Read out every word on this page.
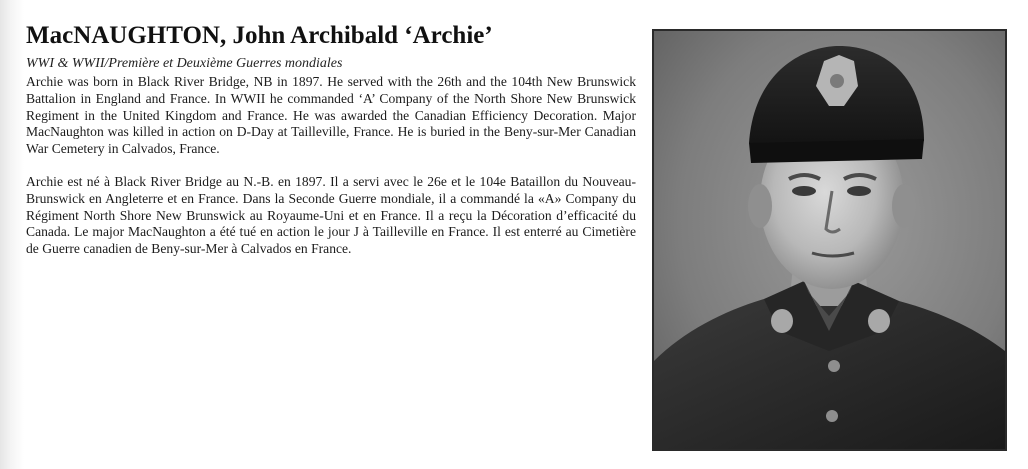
MacNAUGHTON, John Archibald ‘Archie’

WWI & WWII/Première et Deuxième Guerres mondiales

Archie was born in Black River Bridge, NB in 1897. He served with the 26th and the 104th New Brunswick Battalion in England and France. In WWII he commanded ‘A’ Company of the North Shore New Brunswick Regiment in the United Kingdom and France. He was awarded the Canadian Efficiency Decoration. Major MacNaughton was killed in action on D-Day at Tailleville, France. He is buried in the Beny-sur-Mer Canadian War Cemetery in Calvados, France.

Archie est né à Black River Bridge au N.-B. en 1897. Il a servi avec le 26e et le 104e Bataillon du Nouveau-Brunswick en Angleterre et en France. Dans la Seconde Guerre mondiale, il a commandé la «A» Company du Régiment North Shore New Brunswick au Royaume-Uni et en France. Il a reçu la Décoration d’efficacité du Canada. Le major MacNaughton a été tué en action le jour J à Tailleville en France. Il est enterré au Cimetière de Guerre canadien de Beny-sur-Mer à Calvados en France.
